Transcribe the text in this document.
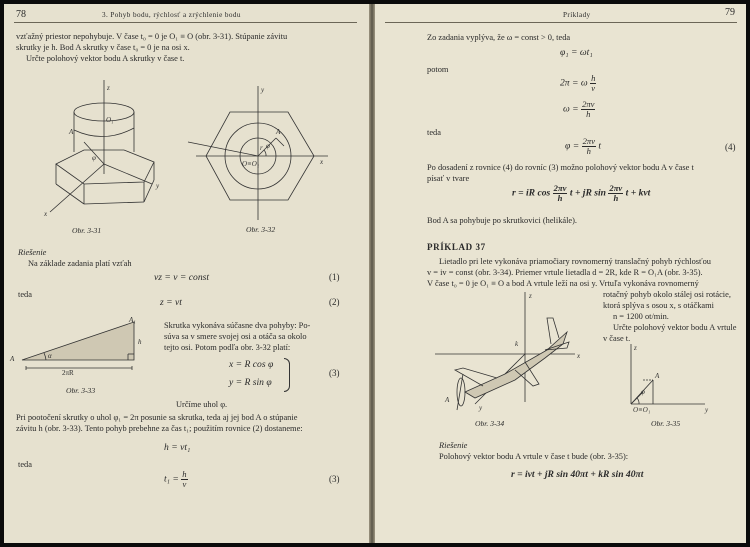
78	3. Pohyb bodu, rýchlosť a zrýchlenie bodu
vzťažný priestor nepohybuje. V čase t₀ = 0 je O₁ ≡ O (obr. 3-31). Stúpanie závitu
skrutky je h. Bod A skrutky v čase t₀ = 0 je na osi x.
Určte polohový vektor bodu A skrutky v čase t.
z
O₁
A
φ
y
x
Obr. 3-31
y
A
φ
r
O≡O₁	x
Obr. 3-32
Riešenie
Na základe zadania platí vzťah
vz = v = const	(1)
teda
z = vt	(2)
A₁
A
h
α
2πR
Obr. 3-33
Skrutka vykonáva súčasne dva pohyby: Po-
súva sa v smere svojej osi a otáča sa okolo
tejto osi. Potom podľa obr. 3-32 platí:
x = R cos φ
y = R sin φ
(3)
Určíme uhol φ.
Pri pootočení skrutky o uhol φ₁ = 2π posunie sa skrutka, teda aj jej bod A o stúpanie
závitu h (obr. 3-33). Tento pohyb prebehne za čas t₁; použitím rovnice (2) dostaneme:
h = vt₁
teda
$t_1 = \frac{h}{v}$	(3)
Príklady	79
Zo zadania vyplýva, že ω = const > 0, teda
φ₁ = ωt₁
potom
2π = ω $\frac{h}{v}$
$\omega = \frac{2\pi v}{h}$
teda
$\varphi = \frac{2\pi v}{h}$ t	(4)
Po dosadení z rovnice (4) do rovníc (3) možno polohový vektor bodu A v čase t
písať v tvare
r = iR $\cos \frac{2\pi v}{h}$ t + jR $\sin \frac{2\pi v}{h}$ t + kvt
Bod A sa pohybuje po skrutkovici (helikále).
PRÍKLAD 37
Lietadlo pri lete vykonáva priamočiary rovnomerný translačný pohyb rýchlosťou
v = iv = const (obr. 3-34). Priemer vrtule lietadla d = 2R, kde R = O₁A (obr. 3-35).
V čase t₀ = 0 je O₁ ≡ O a bod A vrtule leží na osi y. Vrtuľa vykonáva rovnomerný
rotačný pohyb okolo stálej osi rotácie,
ktorá splýva s osou x, s otáčkami
n = 1200 ot/min.
Určte polohový vektor bodu A vrtule
v čase t.
z
x
y
k
A
Obr. 3-34
z
A
O≡O₁	y
φ
Obr. 3-35
Riešenie
Polohový vektor bodu A vrtule v čase t bude (obr. 3-35):
r = ivt + jR sin 40πt + kR sin 40πt
